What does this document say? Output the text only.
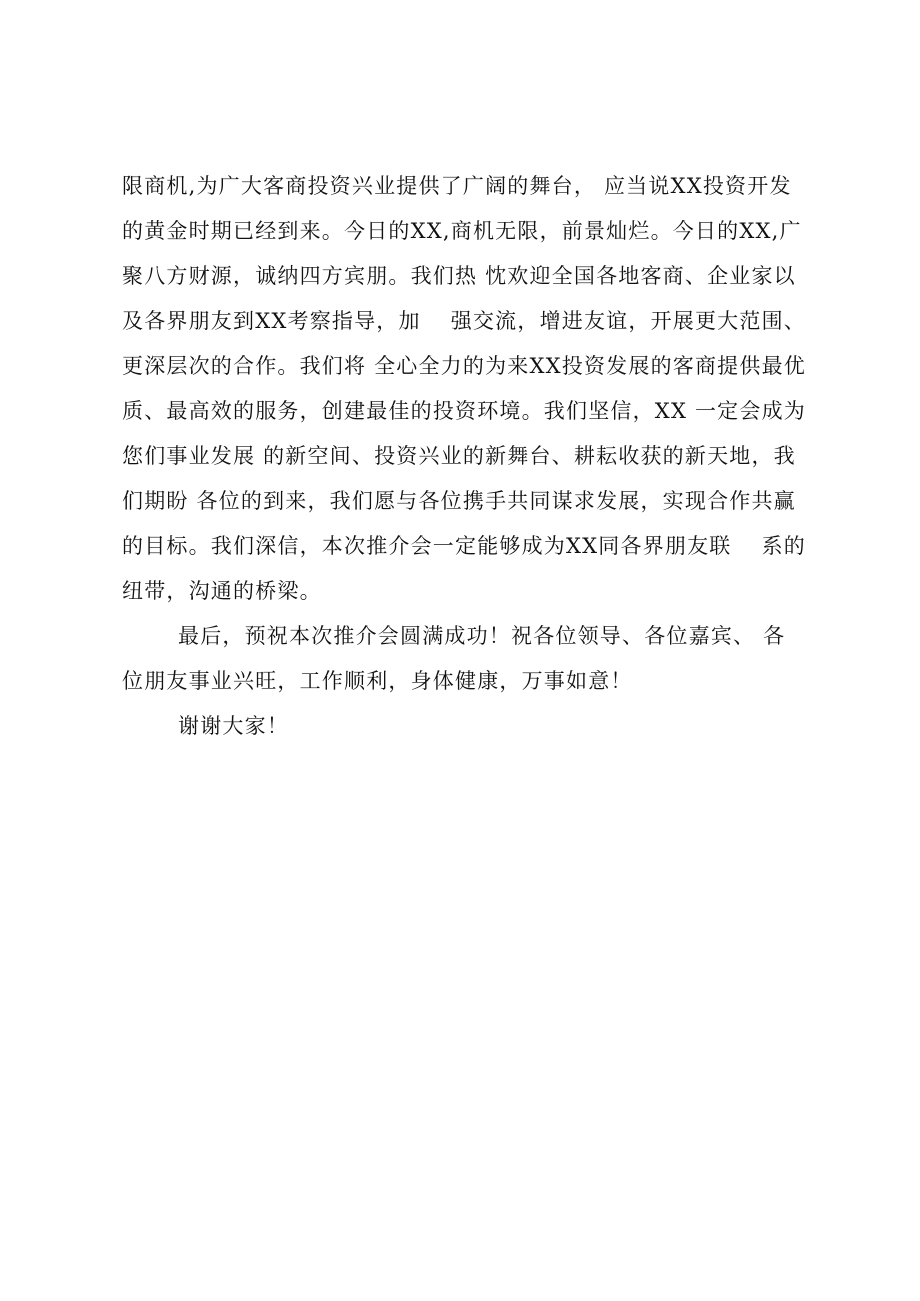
限商机,为广大客商投资兴业提供了广阔的舞台， 应当说XX投资开发
的黄金时期已经到来。今日的XX,商机无限，前景灿烂。今日的XX,广
聚八方财源，诚纳四方宾朋。我们热 忱欢迎全国各地客商、企业家以
及各界朋友到XX考察指导，加　 强交流，增进友谊，开展更大范围、
更深层次的合作。我们将 全心全力的为来XX投资发展的客商提供最优
质、最高效的服务，创建最佳的投资环境。我们坚信，XX 一定会成为
您们事业发展 的新空间、投资兴业的新舞台、耕耘收获的新天地，我
们期盼 各位的到来，我们愿与各位携手共同谋求发展，实现合作共赢
的目标。我们深信，本次推介会一定能够成为XX同各界朋友联　 系的
纽带，沟通的桥梁。
最后，预祝本次推介会圆满成功！祝各位领导、各位嘉宾、 各
位朋友事业兴旺，工作顺利，身体健康，万事如意！
谢谢大家！
